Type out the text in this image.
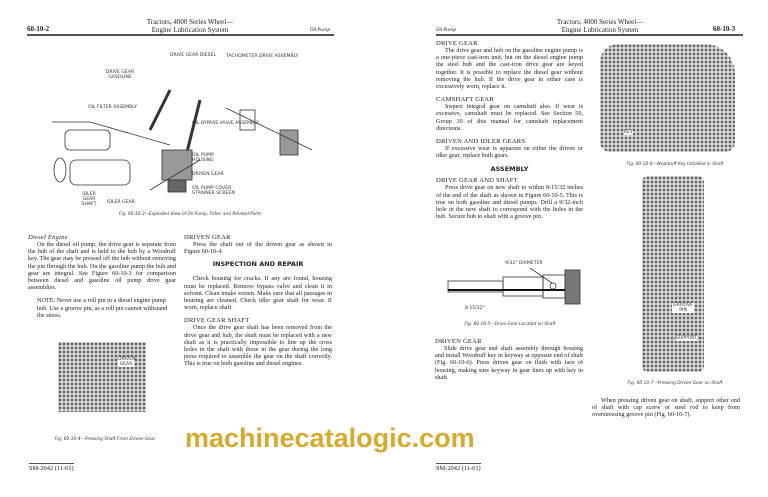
60-10-2
Tractors, 4000 Series Wheel—
Engine Lubrication System	Oil Pump
DRIVE GEAR DIESEL TACHOMETER DRIVE ASSEMBLY
DRIVE GEAR GASOLINE
OIL FILTER ASSEMBLY
OIL BYPASS VALVE ASSEMBLY
OIL PUMP HOUSING
DRIVEN GEAR
OIL PUMP COVER STRAINER SCREEN
IDLER GEAR SHAFT	IDLER GEAR
Fig. 60-10-3—Exploded View of Oil Pump, Filter, and Related Parts
Diesel Engine
On the diesel oil pump, the drive gear is separate from the hub of the shaft and is held to the hub by a Woodruff key. The gear may be pressed off the hub without removing the pin through the hub. On the gasoline pump the hub and gear are integral. See Figure 60-10-3 for comparison between diesel and gasoline oil pump drive gear assemblies.
NOTE: Never use a roll pin in a diesel engine pump hub. Use a groove pin, as a roll pin cannot withstand the stress.
DRIVEN GEAR
Fig. 60-10-4—Pressing Shaft From Driven Gear
DRIVEN GEAR
Press the shaft out of the driven gear as shown in Figure 60-10-4.
INSPECTION AND REPAIR
Check housing for cracks. If any are found, housing must be replaced. Remove bypass valve and clean it in solvent. Clean intake screen. Make sure that all passages in housing are cleaned. Check idler gear shaft for wear. If worn, replace shaft.
DRIVE GEAR SHAFT
Once the drive gear shaft has been removed from the drive gear and hub, the shaft must be replaced with a new shaft as it is practically impossible to line up the cross holes in the shaft with those in the gear during the long press required to assemble the gear on the shaft correctly. This is true on both gasoline and diesel engines.
SM-2042 (11-61)
Oil Pump
Tractors, 4000 Series Wheel—
Engine Lubrication System	60-10-3
DRIVE GEAR
The drive gear and hub on the gasoline engine pump is a one-piece cast-iron unit, but on the diesel engine pump the steel hub and the cast-iron drive gear are keyed together. It is possible to replace the diesel gear without removing the hub. If the drive gear in either case is excessively worn, replace it.
CAMSHAFT GEAR
Inspect integral gear on camshaft also. If wear is excessive, camshaft must be replaced. See Section 50, Group 30 of this manual for camshaft replacement directions.
DRIVEN AND IDLER GEARS
If excessive wear is apparent on either the driven or idler gear, replace both gears.
ASSEMBLY
DRIVE GEAR AND SHAFT
Press drive gear on new shaft to within 8-15/32 inches of the end of the shaft as shown in Figure 60-10-5. This is true on both gasoline and diesel pumps. Drill a 9/32-inch hole in the new shaft to correspond with the holes in the hub. Secure hub to shaft with a groove pin.
KEY
Fig. 60-10-6—Woodruff Key Installed in Shaft
9/32" DIAMETER
8 15/32"
Fig. 60-10-5—Drive Gear Located on Shaft
DRIVEN GEAR
Slide drive gear and shaft assembly through housing and install Woodruff key in keyway at opposite end of shaft (Fig. 60-10-6). Press driven gear on flush with face of housing, making sure keyway in gear lines up with key in shaft.
GROOVE PIN
SUPPORT
Fig. 60-10-7—Pressing Driven Gear on Shaft
When pressing driven gear on shaft, support other end of shaft with cap screw or steel rod to keep from overstressing groove pin (Fig. 60-10-7).
SM-2042 (11-61)
machinecatalogic.com
